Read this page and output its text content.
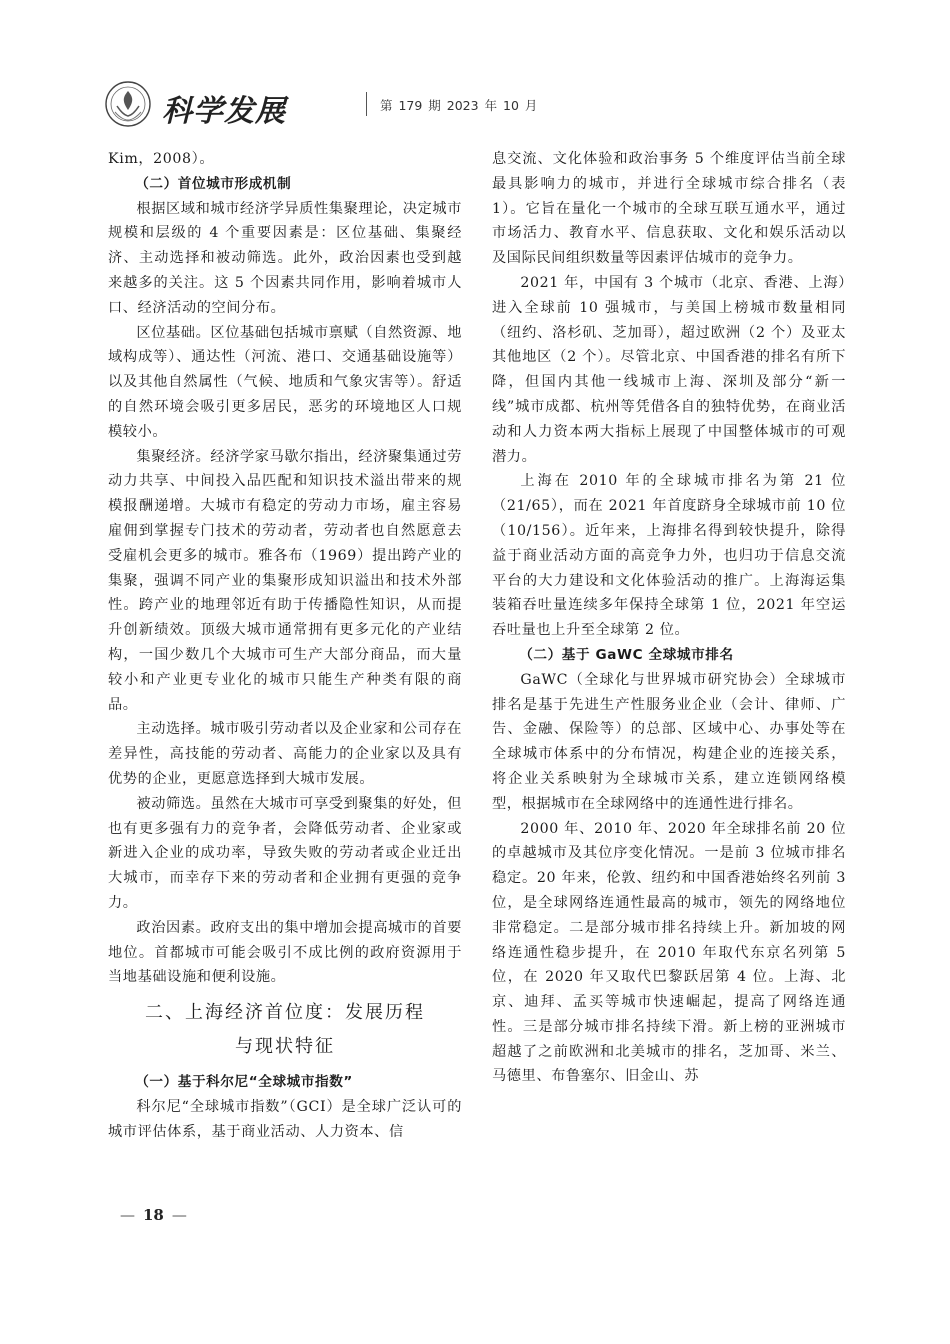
科学发展	第 179 期 2023 年 10 月

Kim，2008）。

（二）首位城市形成机制

根据区域和城市经济学异质性集聚理论，决定城市规模和层级的 4 个重要因素是：区位基础、集聚经济、主动选择和被动筛选。此外，政治因素也受到越来越多的关注。这 5 个因素共同作用，影响着城市人口、经济活动的空间分布。

区位基础。区位基础包括城市禀赋（自然资源、地域构成等）、通达性（河流、港口、交通基础设施等）以及其他自然属性（气候、地质和气象灾害等）。舒适的自然环境会吸引更多居民，恶劣的环境地区人口规模较小。

集聚经济。经济学家马歇尔指出，经济聚集通过劳动力共享、中间投入品匹配和知识技术溢出带来的规模报酬递增。大城市有稳定的劳动力市场，雇主容易雇佣到掌握专门技术的劳动者，劳动者也自然愿意去受雇机会更多的城市。雅各布（1969）提出跨产业的集聚，强调不同产业的集聚形成知识溢出和技术外部性。跨产业的地理邻近有助于传播隐性知识，从而提升创新绩效。顶级大城市通常拥有更多元化的产业结构，一国少数几个大城市可生产大部分商品，而大量较小和产业更专业化的城市只能生产种类有限的商品。

主动选择。城市吸引劳动者以及企业家和公司存在差异性，高技能的劳动者、高能力的企业家以及具有优势的企业，更愿意选择到大城市发展。

被动筛选。虽然在大城市可享受到聚集的好处，但也有更多强有力的竞争者，会降低劳动者、企业家或新进入企业的成功率，导致失败的劳动者或企业迁出大城市，而幸存下来的劳动者和企业拥有更强的竞争力。

政治因素。政府支出的集中增加会提高城市的首要地位。首都城市可能会吸引不成比例的政府资源用于当地基础设施和便利设施。

二、上海经济首位度：发展历程
与现状特征

（一）基于科尔尼“全球城市指数”

科尔尼“全球城市指数”（GCI）是全球广泛认可的城市评估体系，基于商业活动、人力资本、信

息交流、文化体验和政治事务 5 个维度评估当前全球最具影响力的城市，并进行全球城市综合排名（表 1）。它旨在量化一个城市的全球互联互通水平，通过市场活力、教育水平、信息获取、文化和娱乐活动以及国际民间组织数量等因素评估城市的竞争力。

2021 年，中国有 3 个城市（北京、香港、上海）进入全球前 10 强城市，与美国上榜城市数量相同（纽约、洛杉矶、芝加哥），超过欧洲（2 个）及亚太其他地区（2 个）。尽管北京、中国香港的排名有所下降，但国内其他一线城市上海、深圳及部分“新一线”城市成都、杭州等凭借各自的独特优势，在商业活动和人力资本两大指标上展现了中国整体城市的可观潜力。

上海在 2010 年的全球城市排名为第 21 位（21/65），而在 2021 年首度跻身全球城市前 10 位（10/156）。近年来，上海排名得到较快提升，除得益于商业活动方面的高竞争力外，也归功于信息交流平台的大力建设和文化体验活动的推广。上海海运集装箱吞吐量连续多年保持全球第 1 位，2021 年空运吞吐量也上升至全球第 2 位。

（二）基于 GaWC 全球城市排名

GaWC（全球化与世界城市研究协会）全球城市排名是基于先进生产性服务业企业（会计、律师、广告、金融、保险等）的总部、区域中心、办事处等在全球城市体系中的分布情况，构建企业的连接关系，将企业关系映射为全球城市关系，建立连锁网络模型，根据城市在全球网络中的连通性进行排名。

2000 年、2010 年、2020 年全球排名前 20 位的卓越城市及其位序变化情况。一是前 3 位城市排名稳定。20 年来，伦敦、纽约和中国香港始终名列前 3 位，是全球网络连通性最高的城市，领先的网络地位非常稳定。二是部分城市排名持续上升。新加坡的网络连通性稳步提升，在 2010 年取代东京名列第 5 位，在 2020 年又取代巴黎跃居第 4 位。上海、北京、迪拜、孟买等城市快速崛起，提高了网络连通性。三是部分城市排名持续下滑。新上榜的亚洲城市超越了之前欧洲和北美城市的排名，芝加哥、米兰、马德里、布鲁塞尔、旧金山、苏

— 18 —
